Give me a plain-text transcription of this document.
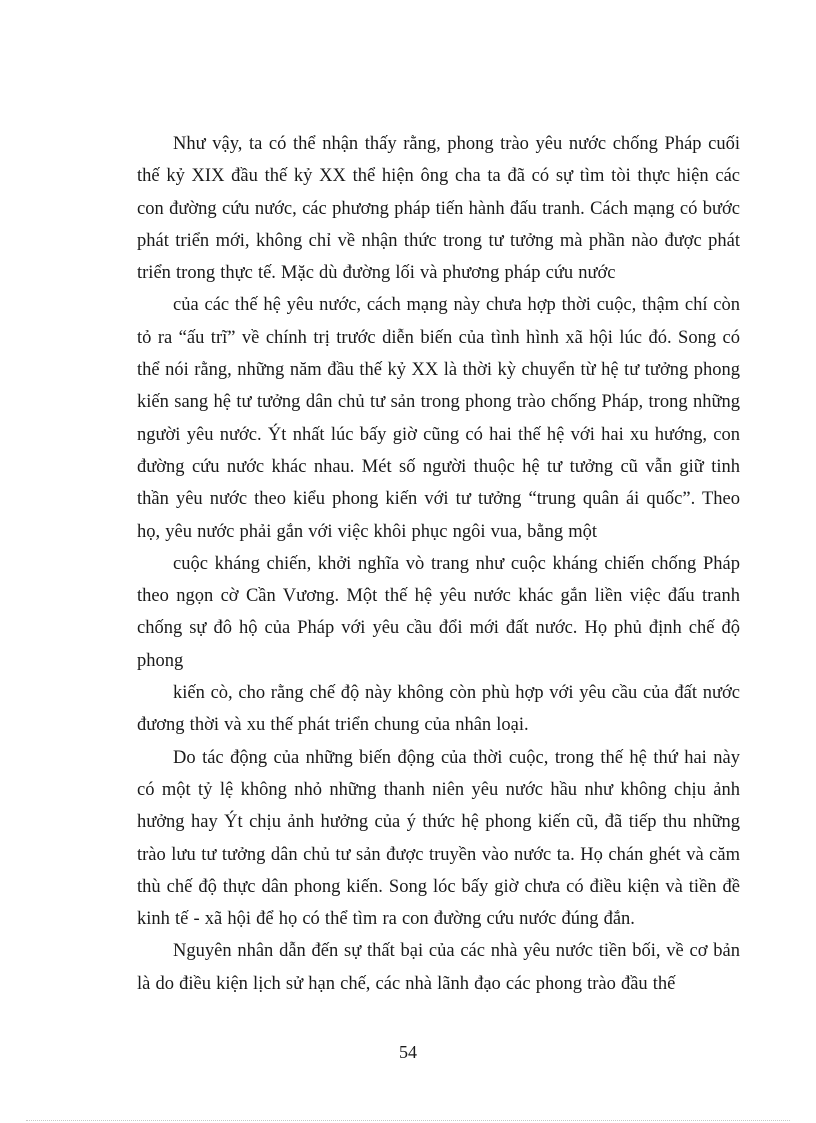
Như vậy, ta có thể nhận thấy rằng, phong trào yêu nước chống Pháp cuối thế kỷ XIX đầu thế kỷ XX thể hiện ông cha ta đã có sự tìm tòi thực hiện các con đường cứu nước, các phương pháp tiến hành đấu tranh. Cách mạng có bước phát triển mới, không chỉ về nhận thức trong tư tưởng mà phần nào được phát triển trong thực tế. Mặc dù đường lối và phương pháp cứu nước

của các thế hệ yêu nước, cách mạng này chưa hợp thời cuộc, thậm chí còn tỏ ra “ấu trĩ” về chính trị trước diễn biến của tình hình xã hội lúc đó. Song có thể nói rằng, những năm đầu thế kỷ XX là thời kỳ chuyển từ hệ tư tưởng phong kiến sang hệ tư tưởng dân chủ tư sản trong phong trào chống Pháp, trong những người yêu nước. Ýt nhất lúc bấy giờ cũng có hai thế hệ với hai xu hướng, con đường cứu nước khác nhau. Mét số người thuộc hệ tư tưởng cũ vẫn giữ tinh thần yêu nước theo kiểu phong kiến với tư tưởng “trung quân ái quốc”. Theo họ, yêu nước phải gắn với việc khôi phục ngôi vua, bằng một

cuộc kháng chiến, khởi nghĩa vò trang như cuộc kháng chiến chống Pháp theo ngọn cờ Cần Vương. Một thế hệ yêu nước khác gắn liền việc đấu tranh chống sự đô hộ của Pháp với yêu cầu đổi mới đất nước. Họ phủ định chế độ phong

kiến cò, cho rằng chế độ này không còn phù hợp với yêu cầu của đất nước đương thời và xu thế phát triển chung của nhân loại.

Do tác động của những biến động của thời cuộc, trong thế hệ thứ hai này có một tỷ lệ không nhỏ những thanh niên yêu nước hầu như không chịu ảnh hưởng hay Ýt chịu ảnh hưởng của ý thức hệ phong kiến cũ, đã tiếp thu những trào lưu tư tưởng dân chủ tư sản được truyền vào nước ta. Họ chán ghét và căm thù chế độ thực dân phong kiến. Song lóc bấy giờ chưa có điều kiện và tiền đề kinh tế - xã hội để họ có thể tìm ra con đường cứu nước đúng đắn.

Nguyên nhân dẫn đến sự thất bại của các nhà yêu nước tiền bối, về cơ bản là do điều kiện lịch sử hạn chế, các nhà lãnh đạo các phong trào đầu thế

54
